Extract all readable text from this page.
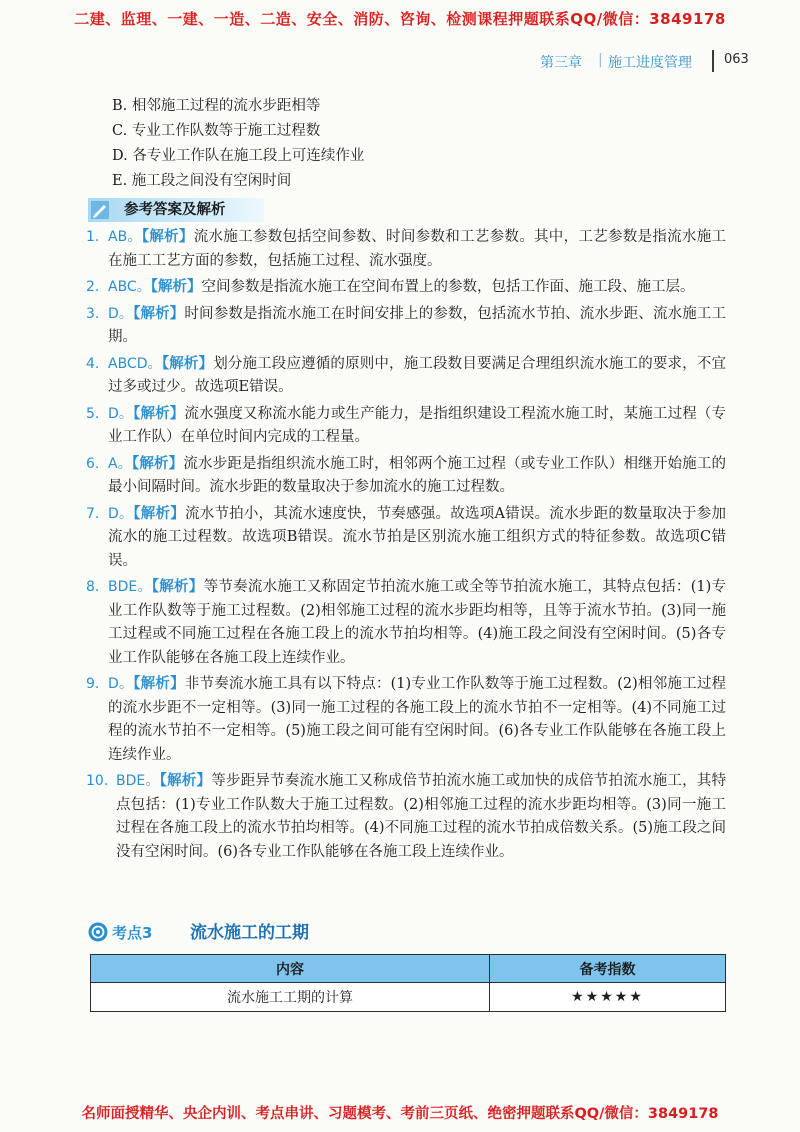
二建、监理、一建、一造、二造、安全、消防、咨询、检测课程押题联系QQ/微信：3849178
第三章 | 施工进度管理 063
B. 相邻施工过程的流水步距相等
C. 专业工作队数等于施工过程数
D. 各专业工作队在施工段上可连续作业
E. 施工段之间没有空闲时间
参考答案及解析
1. AB。【解析】流水施工参数包括空间参数、时间参数和工艺参数。其中，工艺参数是指流水施工在施工工艺方面的参数，包括施工过程、流水强度。
2. ABC。【解析】空间参数是指流水施工在空间布置上的参数，包括工作面、施工段、施工层。
3. D。【解析】时间参数是指流水施工在时间安排上的参数，包括流水节拍、流水步距、流水施工工期。
4. ABCD。【解析】划分施工段应遵循的原则中，施工段数目要满足合理组织流水施工的要求，不宜过多或过少。故选项E错误。
5. D。【解析】流水强度又称流水能力或生产能力，是指组织建设工程流水施工时，某施工过程（专业工作队）在单位时间内完成的工程量。
6. A。【解析】流水步距是指组织流水施工时，相邻两个施工过程（或专业工作队）相继开始施工的最小间隔时间。流水步距的数量取决于参加流水的施工过程数。
7. D。【解析】流水节拍小，其流水速度快，节奏感强。故选项A错误。流水步距的数量取决于参加流水的施工过程数。故选项B错误。流水节拍是区别流水施工组织方式的特征参数。故选项C错误。
8. BDE。【解析】等节奏流水施工又称固定节拍流水施工或全等节拍流水施工，其特点包括：(1)专业工作队数等于施工过程数。(2)相邻施工过程的流水步距均相等，且等于流水节拍。(3)同一施工过程或不同施工过程在各施工段上的流水节拍均相等。(4)施工段之间没有空闲时间。(5)各专业工作队能够在各施工段上连续作业。
9. D。【解析】非节奏流水施工具有以下特点：(1)专业工作队数等于施工过程数。(2)相邻施工过程的流水步距不一定相等。(3)同一施工过程的各施工段上的流水节拍不一定相等。(4)不同施工过程的流水节拍不一定相等。(5)施工段之间可能有空闲时间。(6)各专业工作队能够在各施工段上连续作业。
10. BDE。【解析】等步距异节奏流水施工又称成倍节拍流水施工或加快的成倍节拍流水施工，其特点包括：(1)专业工作队数大于施工过程数。(2)相邻施工过程的流水步距均相等。(3)同一施工过程在各施工段上的流水节拍均相等。(4)不同施工过程的流水节拍成倍数关系。(5)施工段之间没有空闲时间。(6)各专业工作队能够在各施工段上连续作业。
考点3 流水施工的工期
内容	备考指数
流水施工工期的计算	★★★★★
名师面授精华、央企内训、考点串讲、习题模考、考前三页纸、绝密押题联系QQ/微信：3849178
